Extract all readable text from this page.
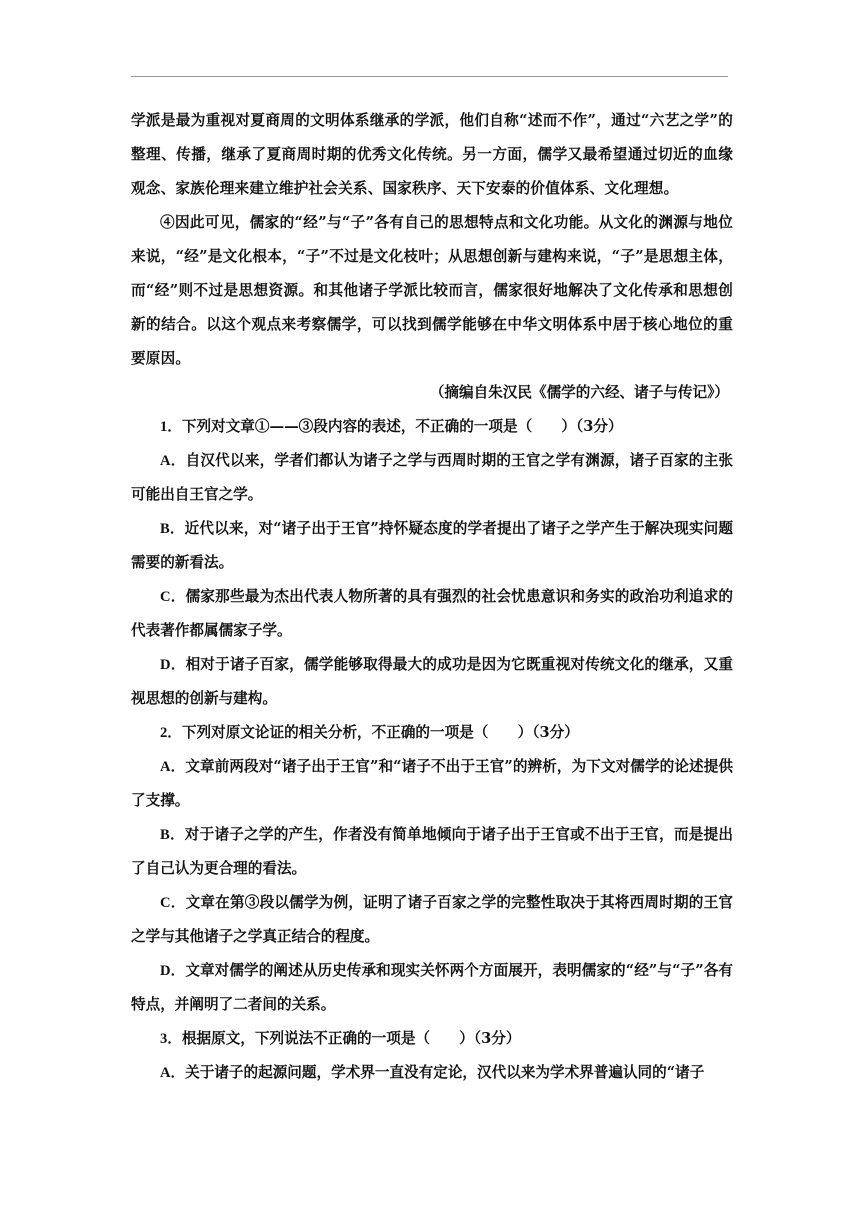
学派是最为重视对夏商周的文明体系继承的学派，他们自称“述而不作”，通过“六艺之学”的整理、传播，继承了夏商周时期的优秀文化传统。另一方面，儒学又最希望通过切近的血缘观念、家族伦理来建立维护社会关系、国家秩序、天下安泰的价值体系、文化理想。

④因此可见，儒家的“经”与“子”各有自己的思想特点和文化功能。从文化的渊源与地位来说，“经”是文化根本，“子”不过是文化枝叶；从思想创新与建构来说，“子”是思想主体，而“经”则不过是思想资源。和其他诸子学派比较而言，儒家很好地解决了文化传承和思想创新的结合。以这个观点来考察儒学，可以找到儒学能够在中华文明体系中居于核心地位的重要原因。

（摘编自朱汉民《儒学的六经、诸子与传记》）

1．下列对文章①——③段内容的表述，不正确的一项是（　　）（3分）

A．自汉代以来，学者们都认为诸子之学与西周时期的王官之学有渊源，诸子百家的主张可能出自王官之学。

B．近代以来，对“诸子出于王官”持怀疑态度的学者提出了诸子之学产生于解决现实问题需要的新看法。

C．儒家那些最为杰出代表人物所著的具有强烈的社会忧患意识和务实的政治功利追求的代表著作都属儒家子学。

D．相对于诸子百家，儒学能够取得最大的成功是因为它既重视对传统文化的继承，又重视思想的创新与建构。

2．下列对原文论证的相关分析，不正确的一项是（　　）（3分）

A．文章前两段对“诸子出于王官”和“诸子不出于王官”的辨析，为下文对儒学的论述提供了支撑。

B．对于诸子之学的产生，作者没有简单地倾向于诸子出于王官或不出于王官，而是提出了自己认为更合理的看法。

C．文章在第③段以儒学为例，证明了诸子百家之学的完整性取决于其将西周时期的王官之学与其他诸子之学真正结合的程度。

D．文章对儒学的阐述从历史传承和现实关怀两个方面展开，表明儒家的“经”与“子”各有特点，并阐明了二者间的关系。

3．根据原文，下列说法不正确的一项是（　　）（3分）

A．关于诸子的起源问题，学术界一直没有定论，汉代以来为学术界普遍认同的“诸子
